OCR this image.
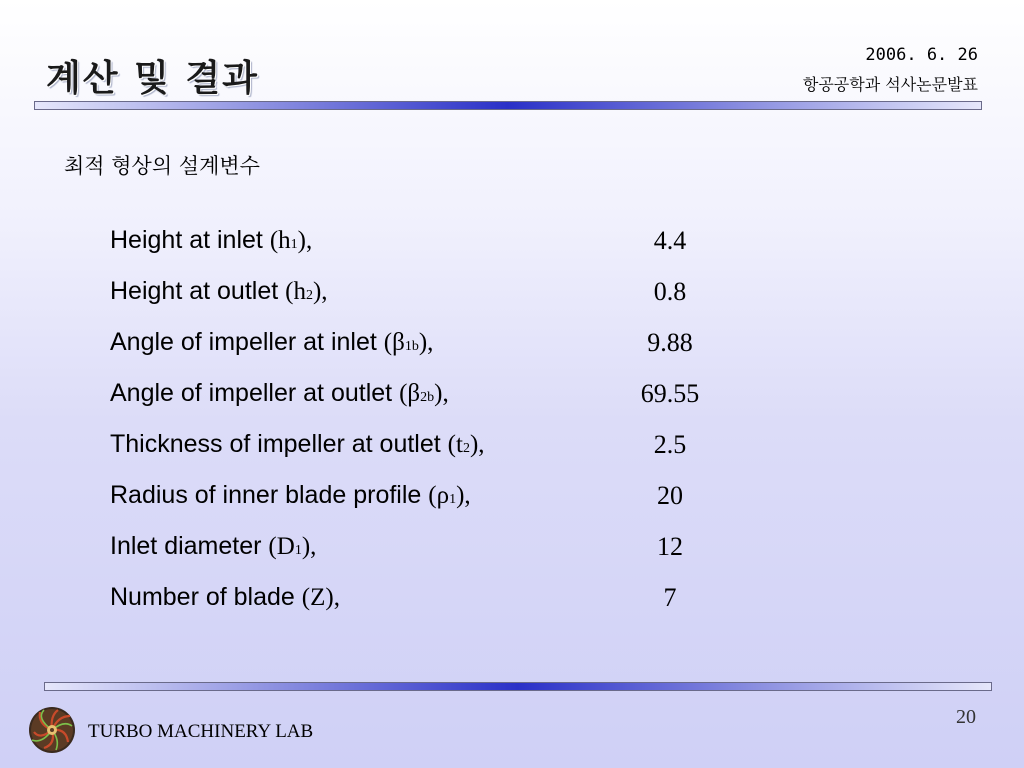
계산 및 결과
2006. 6. 26
항공공학과 석사논문발표
최적 형상의 설계변수
Height at inlet (h1),	4.4
Height at outlet (h2),	0.8
Angle of impeller at inlet (β1b),	9.88
Angle of impeller at outlet (β2b),	69.55
Thickness of impeller at outlet (t2),	2.5
Radius of inner blade profile (ρ1),	20
Inlet diameter (D1),	12
Number of blade (Z),	7
TURBO MACHINERY LAB
20
